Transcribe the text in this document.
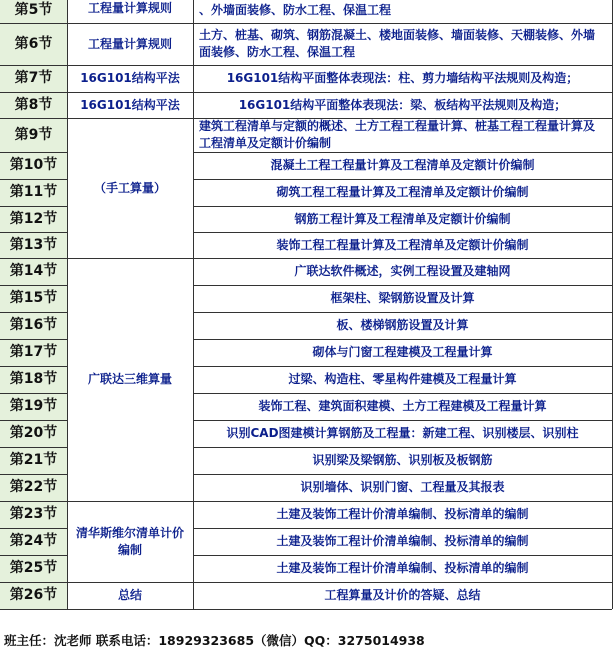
第5节
第6节
第7节
第8节
第9节
第10节
第11节
第12节
第13节
第14节
第15节
第16节
第17节
第18节
第19节
第20节
第21节
第22节
第23节
第24节
第25节
第26节
工程量计算规则
工程量计算规则
16G101结构平法
16G101结构平法
（手工算量）
广联达三维算量
清华斯维尔清单计价编制
总结
、外墙面装修、防水工程、保温工程
土方、桩基、砌筑、钢筋混凝土、楼地面装修、墙面装修、天棚装修、外墙面装修、防水工程、保温工程
16G101结构平面整体表现法：柱、剪力墙结构平法规则及构造；
16G101结构平面整体表现法：梁、板结构平法规则及构造；
建筑工程清单与定额的概述、土方工程工程量计算、桩基工程工程量计算及工程清单及定额计价编制
混凝土工程工程量计算及工程清单及定额计价编制
砌筑工程工程量计算及工程清单及定额计价编制
钢筋工程计算及工程清单及定额计价编制
装饰工程工程量计算及工程清单及定额计价编制
广联达软件概述，实例工程设置及建轴网
框架柱、梁钢筋设置及计算
板、楼梯钢筋设置及计算
砌体与门窗工程建模及工程量计算
过梁、构造柱、零星构件建模及工程量计算
装饰工程、建筑面积建模、土方工程建模及工程量计算
识别CAD图建模计算钢筋及工程量：新建工程、识别楼层、识别柱
识别梁及梁钢筋、识别板及板钢筋
识别墙体、识别门窗、工程量及其报表
土建及装饰工程计价清单编制、投标清单的编制
土建及装饰工程计价清单编制、投标清单的编制
土建及装饰工程计价清单编制、投标清单的编制
工程算量及计价的答疑、总结
班主任：沈老师 联系电话：18929323685（微信）QQ：3275014938
